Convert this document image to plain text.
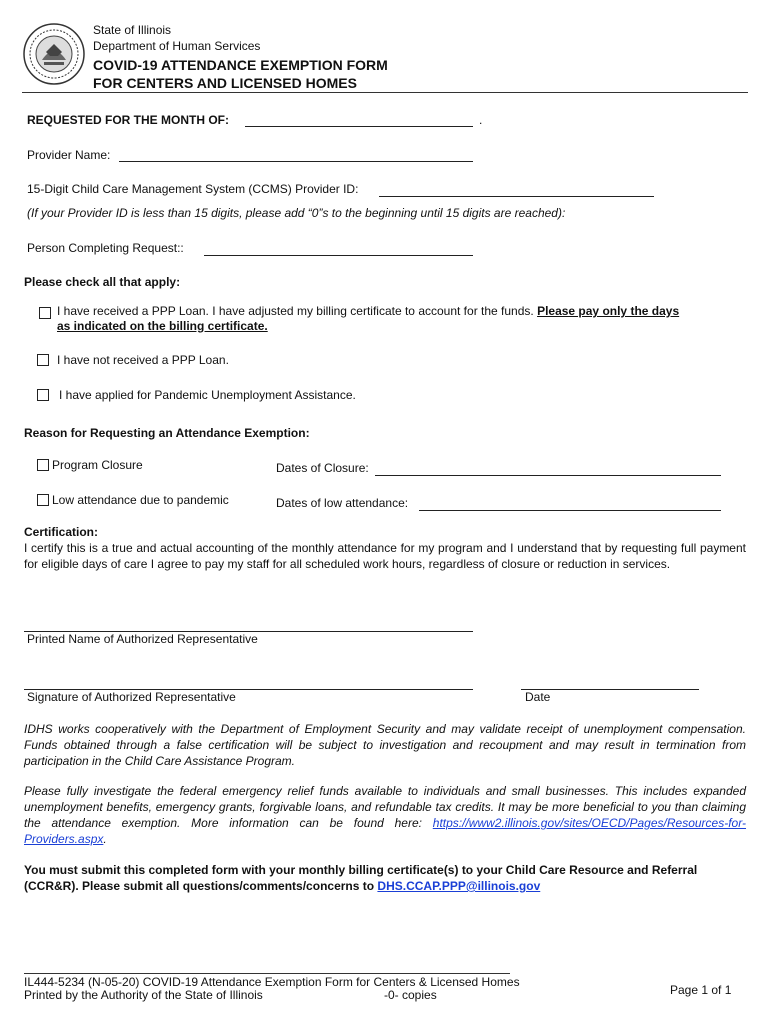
State of Illinois
Department of Human Services
COVID-19 ATTENDANCE EXEMPTION FORM
FOR CENTERS AND LICENSED HOMES
REQUESTED FOR THE MONTH OF:	.
Provider Name:
15-Digit Child Care Management System (CCMS) Provider ID:
(If your Provider ID is less than 15 digits, please add “0”s to the beginning until 15 digits are reached):
Person Completing Request::
Please check all that apply:
I have received a PPP Loan. I have adjusted my billing certificate to account for the funds. Please pay only the days
as indicated on the billing certificate.
I have not received a PPP Loan.
I have applied for Pandemic Unemployment Assistance.
Reason for Requesting an Attendance Exemption:
Program Closure	Dates of Closure:
Low attendance due to pandemic	Dates of low attendance:
Certification:
I certify this is a true and actual accounting of the monthly attendance for my program and I understand that by requesting full payment for eligible days of care I agree to pay my staff for all scheduled work hours, regardless of closure or reduction in services.
Printed Name of Authorized Representative
Signature of Authorized Representative	Date
IDHS works cooperatively with the Department of Employment Security and may validate receipt of unemployment compensation. Funds obtained through a false certification will be subject to investigation and recoupment and may result in termination from participation in the Child Care Assistance Program.
Please fully investigate the federal emergency relief funds available to individuals and small businesses. This includes expanded unemployment benefits, emergency grants, forgivable loans, and refundable tax credits. It may be more beneficial to you than claiming the attendance exemption. More information can be found here: https://www2.illinois.gov/sites/OECD/Pages/Resources-for-Providers.aspx.
You must submit this completed form with your monthly billing certificate(s) to your Child Care Resource and Referral (CCR&R). Please submit all questions/comments/concerns to DHS.CCAP.PPP@illinois.gov
IL444-5234 (N-05-20) COVID-19 Attendance Exemption Form for Centers & Licensed Homes
Printed by the Authority of the State of Illinois	-0- copies	Page 1 of 1
